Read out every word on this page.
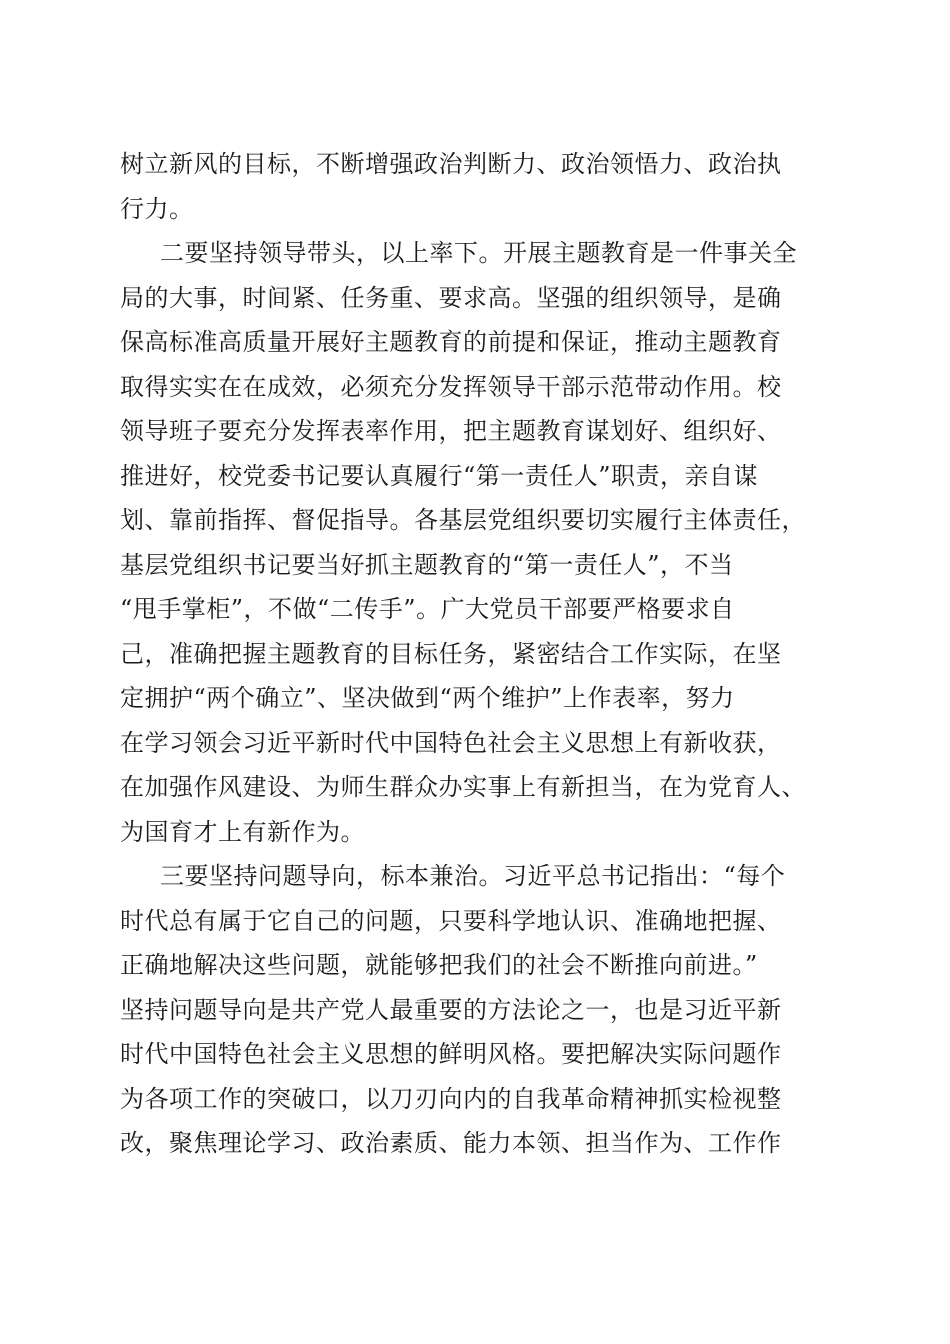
树立新风的目标，不断增强政治判断力、政治领悟力、政治执
行力。
二要坚持领导带头，以上率下。开展主题教育是一件事关全
局的大事，时间紧、任务重、要求高。坚强的组织领导，是确
保高标准高质量开展好主题教育的前提和保证，推动主题教育
取得实实在在成效，必须充分发挥领导干部示范带动作用。校
领导班子要充分发挥表率作用，把主题教育谋划好、组织好、
推进好，校党委书记要认真履行“第一责任人”职责，亲自谋
划、靠前指挥、督促指导。各基层党组织要切实履行主体责任，
基层党组织书记要当好抓主题教育的“第一责任人”，不当
“甩手掌柜”，不做“二传手”。广大党员干部要严格要求自
己，准确把握主题教育的目标任务，紧密结合工作实际，在坚
定拥护“两个确立”、坚决做到“两个维护”上作表率，努力
在学习领会习近平新时代中国特色社会主义思想上有新收获，
在加强作风建设、为师生群众办实事上有新担当，在为党育人、
为国育才上有新作为。
三要坚持问题导向，标本兼治。习近平总书记指出：“每个
时代总有属于它自己的问题，只要科学地认识、准确地把握、
正确地解决这些问题，就能够把我们的社会不断推向前进。”
坚持问题导向是共产党人最重要的方法论之一，也是习近平新
时代中国特色社会主义思想的鲜明风格。要把解决实际问题作
为各项工作的突破口，以刀刃向内的自我革命精神抓实检视整
改，聚焦理论学习、政治素质、能力本领、担当作为、工作作
